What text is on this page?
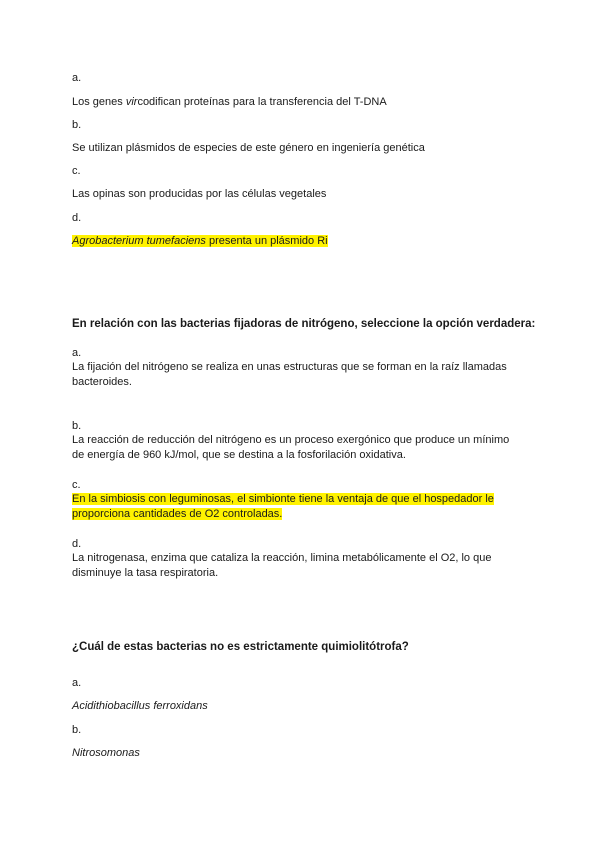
a.
Los genes vircodifican proteínas para la transferencia del T-DNA
b.
Se utilizan plásmidos de especies de este género en ingeniería genética
c.
Las opinas son producidas por las células vegetales
d.
Agrobacterium tumefaciens presenta un plásmido Ri
En relación con las bacterias fijadoras de nitrógeno, seleccione la opción verdadera:
a.
La fijación del nitrógeno se realiza en unas estructuras que se forman en la raíz llamadas
bacteroides.
b.
La reacción de reducción del nitrógeno es un proceso exergónico que produce un mínimo
de energía de 960 kJ/mol, que se destina a la fosforilación oxidativa.
c.
En la simbiosis con leguminosas, el simbionte tiene la ventaja de que el hospedador le
proporciona cantidades de O2 controladas.
d.
La nitrogenasa, enzima que cataliza la reacción, limina metabólicamente el O2, lo que
disminuye la tasa respiratoria.
¿Cuál de estas bacterias no es estrictamente quimiolitótrofa?
a.
Acidithiobacillus ferroxidans
b.
Nitrosomonas
